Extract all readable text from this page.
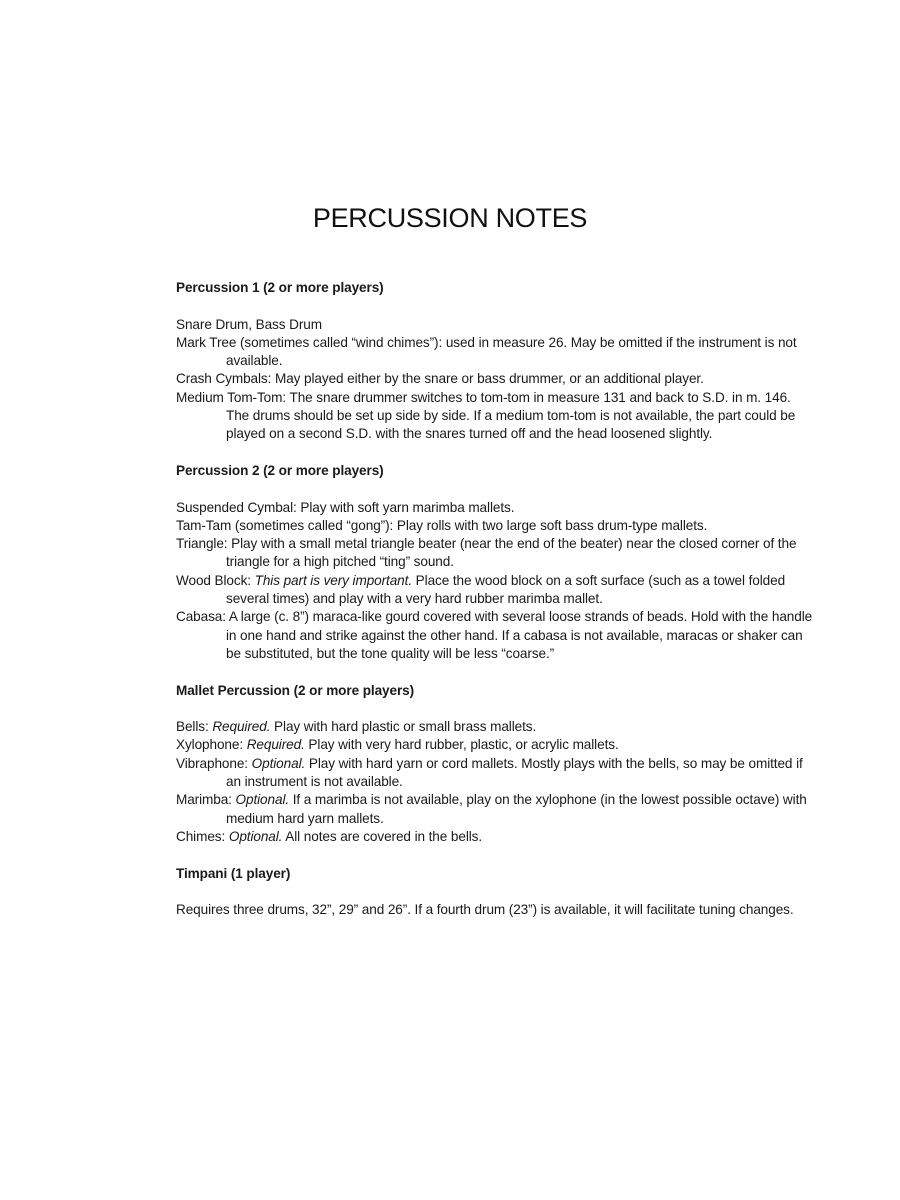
PERCUSSION NOTES

Percussion 1 (2 or more players)

Snare Drum, Bass Drum

Mark Tree (sometimes called “wind chimes”): used in measure 26. May be omitted if the instrument is not available.

Crash Cymbals: May played either by the snare or bass drummer, or an additional player.

Medium Tom-Tom: The snare drummer switches to tom-tom in measure 131 and back to S.D. in m. 146. The drums should be set up side by side. If a medium tom-tom is not available, the part could be played on a second S.D. with the snares turned off and the head loosened slightly.

Percussion 2 (2 or more players)

Suspended Cymbal: Play with soft yarn marimba mallets.

Tam-Tam (sometimes called “gong”): Play rolls with two large soft bass drum-type mallets.

Triangle: Play with a small metal triangle beater (near the end of the beater) near the closed corner of the triangle for a high pitched “ting” sound.

Wood Block: This part is very important. Place the wood block on a soft surface (such as a towel folded several times) and play with a very hard rubber marimba mallet.

Cabasa: A large (c. 8”) maraca-like gourd covered with several loose strands of beads. Hold with the handle in one hand and strike against the other hand. If a cabasa is not available, maracas or shaker can be substituted, but the tone quality will be less “coarse.”

Mallet Percussion (2 or more players)

Bells: Required. Play with hard plastic or small brass mallets.

Xylophone: Required. Play with very hard rubber, plastic, or acrylic mallets.

Vibraphone: Optional. Play with hard yarn or cord mallets. Mostly plays with the bells, so may be omitted if an instrument is not available.

Marimba: Optional. If a marimba is not available, play on the xylophone (in the lowest possible octave) with medium hard yarn mallets.

Chimes: Optional. All notes are covered in the bells.

Timpani (1 player)

Requires three drums, 32”, 29” and 26”. If a fourth drum (23”) is available, it will facilitate tuning changes.
